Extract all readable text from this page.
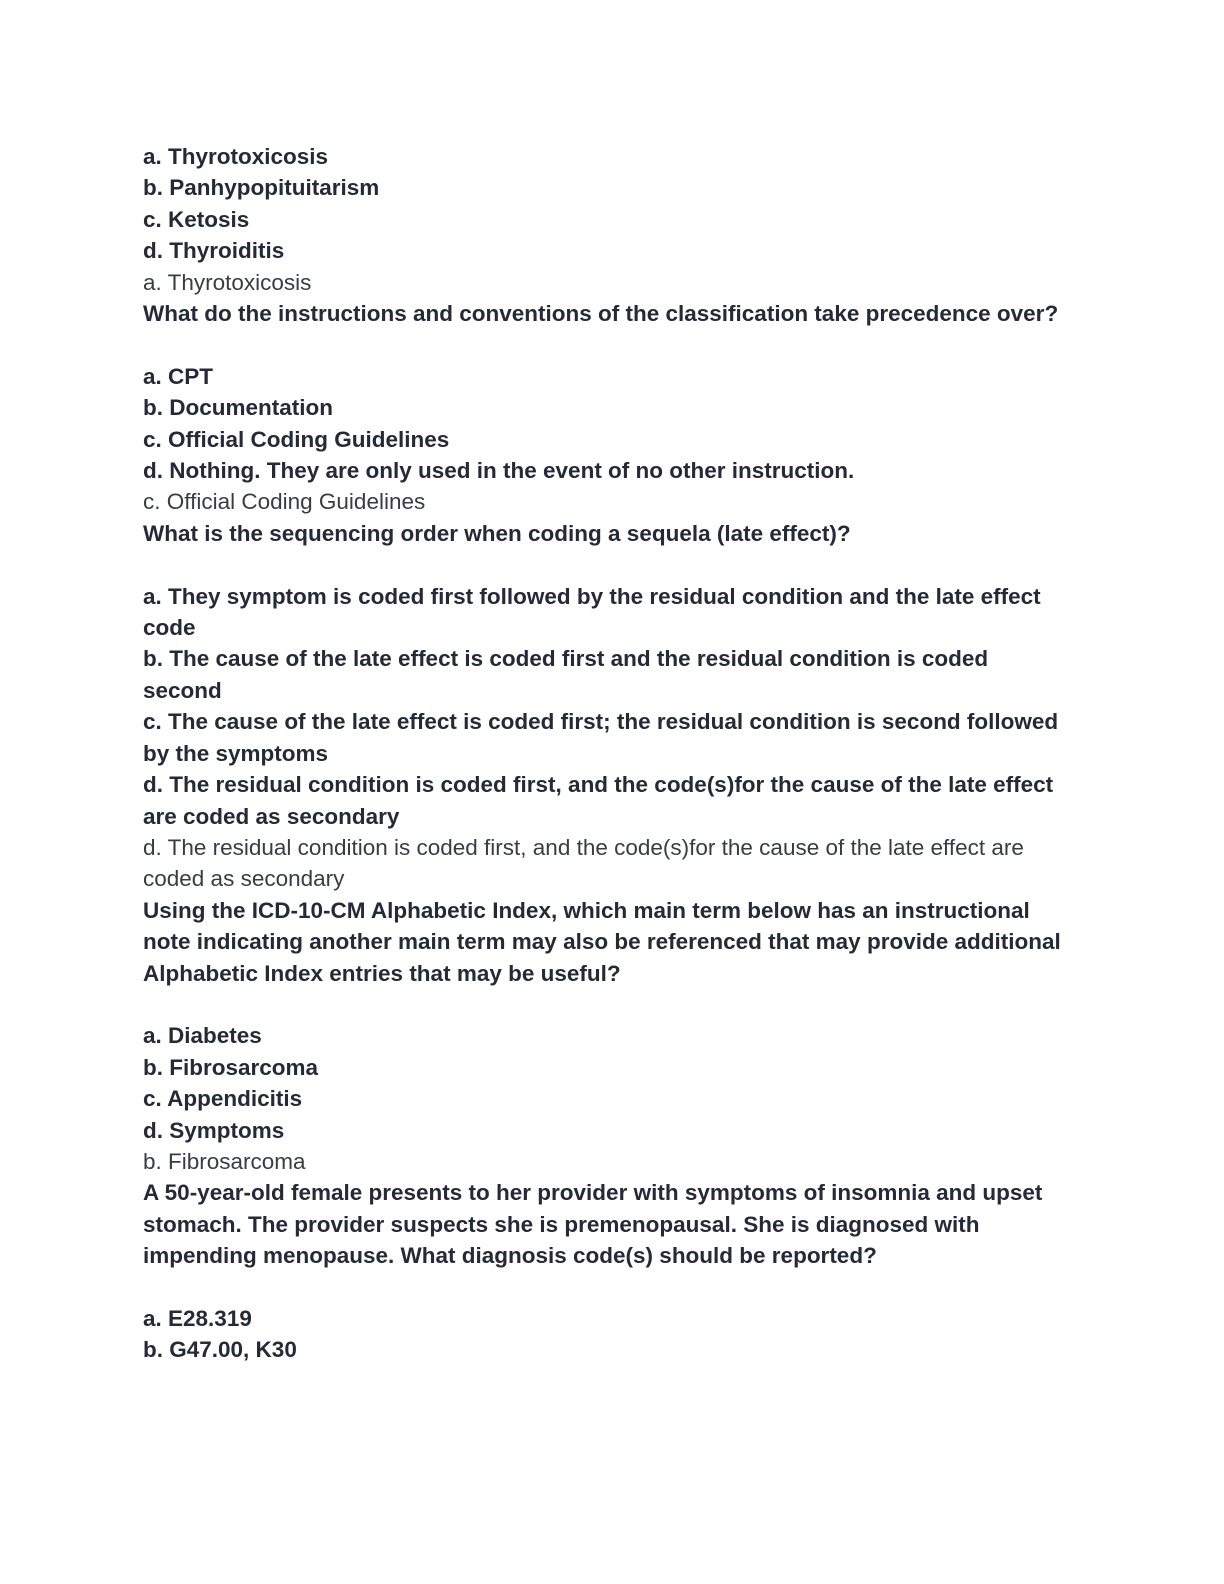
a. Thyrotoxicosis
b. Panhypopituitarism
c. Ketosis
d. Thyroiditis
a. Thyrotoxicosis
What do the instructions and conventions of the classification take precedence over?
a. CPT
b. Documentation
c. Official Coding Guidelines
d. Nothing. They are only used in the event of no other instruction.
c. Official Coding Guidelines
What is the sequencing order when coding a sequela (late effect)?
a. They symptom is coded first followed by the residual condition and the late effect code
b. The cause of the late effect is coded first and the residual condition is coded second
c. The cause of the late effect is coded first; the residual condition is second followed by the symptoms
d. The residual condition is coded first, and the code(s)for the cause of the late effect are coded as secondary
d. The residual condition is coded first, and the code(s)for the cause of the late effect are coded as secondary
Using the ICD-10-CM Alphabetic Index, which main term below has an instructional note indicating another main term may also be referenced that may provide additional Alphabetic Index entries that may be useful?
a. Diabetes
b. Fibrosarcoma
c. Appendicitis
d. Symptoms
b. Fibrosarcoma
A 50-year-old female presents to her provider with symptoms of insomnia and upset stomach. The provider suspects she is premenopausal. She is diagnosed with impending menopause. What diagnosis code(s) should be reported?
a. E28.319
b. G47.00, K30
